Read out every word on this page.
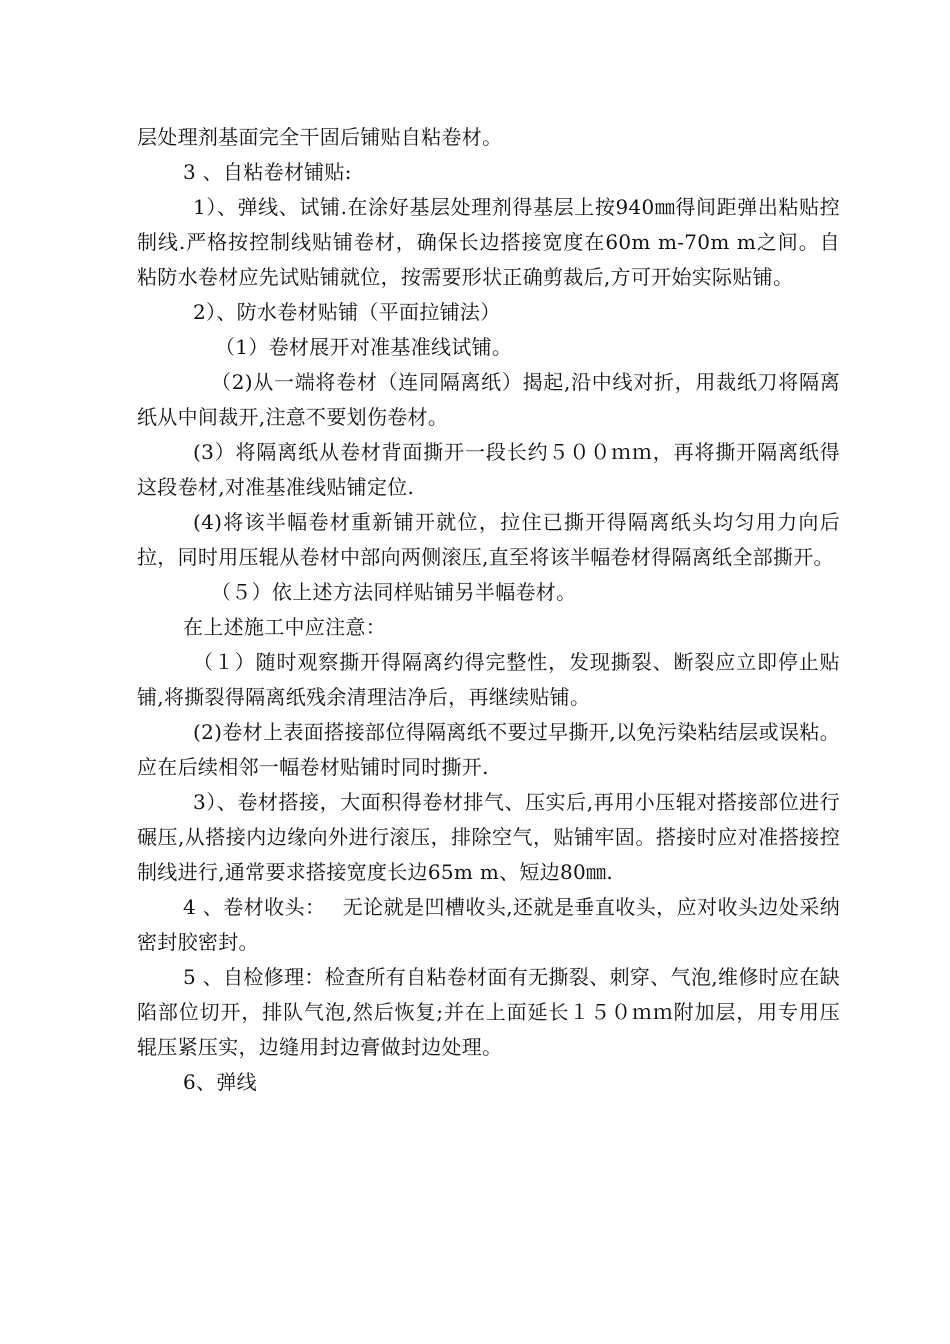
层处理剂基面完全干固后铺贴自粘卷材。

3 、自粘卷材铺贴:

1）、弹线、试铺.在涂好基层处理剂得基层上按940㎜得间距弹出粘贴控制线.严格按控制线贴铺卷材，确保长边搭接宽度在60m m-70m m之间。自粘防水卷材应先试贴铺就位，按需要形状正确剪裁后,方可开始实际贴铺。

2）、防水卷材贴铺（平面拉铺法）

（1）卷材展开对准基准线试铺。

（2)从一端将卷材（连同隔离纸）揭起,沿中线对折，用裁纸刀将隔离纸从中间裁开,注意不要划伤卷材。

(3）将隔离纸从卷材背面撕开一段长约５００ｍｍ，再将撕开隔离纸得这段卷材,对准基准线贴铺定位.

(4)将该半幅卷材重新铺开就位，拉住已撕开得隔离纸头均匀用力向后拉，同时用压辊从卷材中部向两侧滚压,直至将该半幅卷材得隔离纸全部撕开。

（５）依上述方法同样贴铺另半幅卷材。

在上述施工中应注意：

（１）随时观察撕开得隔离约得完整性，发现撕裂、断裂应立即停止贴铺,将撕裂得隔离纸残余清理洁净后，再继续贴铺。

(2)卷材上表面搭接部位得隔离纸不要过早撕开,以免污染粘结层或误粘。应在后续相邻一幅卷材贴铺时同时撕开.

3）、卷材搭接，大面积得卷材排气、压实后,再用小压辊对搭接部位进行碾压,从搭接内边缘向外进行滚压，排除空气，贴铺牢固。搭接时应对准搭接控制线进行,通常要求搭接宽度长边65m m、短边80㎜.

4 、卷材收头：　 无论就是凹槽收头,还就是垂直收头，应对收头边处采纳密封胶密封。

5 、自检修理：检查所有自粘卷材面有无撕裂、刺穿、气泡,维修时应在缺陷部位切开，排队气泡,然后恢复;并在上面延长１５０ｍｍ附加层，用专用压辊压紧压实，边缝用封边膏做封边处理。

6、弹线
